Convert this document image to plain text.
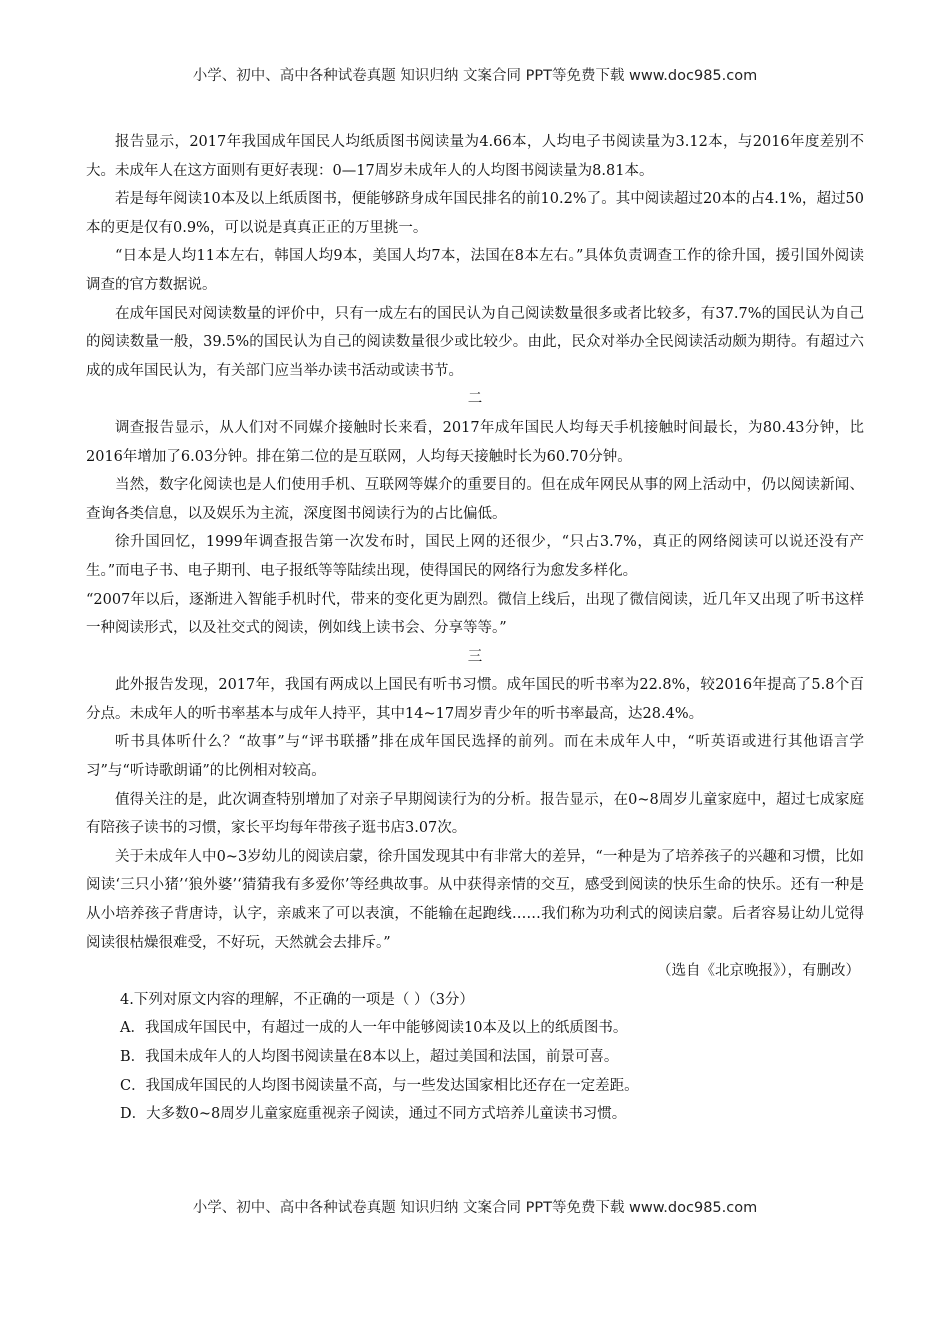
小学、初中、高中各种试卷真题 知识归纳 文案合同 PPT等免费下载 www.doc985.com

报告显示，2017年我国成年国民人均纸质图书阅读量为4.66本，人均电子书阅读量为3.12本，与2016年度差别不大。未成年人在这方面则有更好表现：0—17周岁未成年人的人均图书阅读量为8.81本。

若是每年阅读10本及以上纸质图书，便能够跻身成年国民排名的前10.2%了。其中阅读超过20本的占4.1%，超过50本的更是仅有0.9%，可以说是真真正正的万里挑一。

“日本是人均11本左右，韩国人均9本，美国人均7本，法国在8本左右。”具体负责调查工作的徐升国，援引国外阅读调查的官方数据说。

在成年国民对阅读数量的评价中，只有一成左右的国民认为自己阅读数量很多或者比较多，有37.7%的国民认为自己的阅读数量一般，39.5%的国民认为自己的阅读数量很少或比较少。由此，民众对举办全民阅读活动颇为期待。有超过六成的成年国民认为，有关部门应当举办读书活动或读书节。

二

调查报告显示，从人们对不同媒介接触时长来看，2017年成年国民人均每天手机接触时间最长，为80.43分钟，比2016年增加了6.03分钟。排在第二位的是互联网，人均每天接触时长为60.70分钟。

当然，数字化阅读也是人们使用手机、互联网等媒介的重要目的。但在成年网民从事的网上活动中，仍以阅读新闻、查询各类信息，以及娱乐为主流，深度图书阅读行为的占比偏低。

徐升国回忆，1999年调查报告第一次发布时，国民上网的还很少，“只占3.7%，真正的网络阅读可以说还没有产生。”而电子书、电子期刊、电子报纸等等陆续出现，使得国民的网络行为愈发多样化。

“2007年以后，逐渐进入智能手机时代，带来的变化更为剧烈。微信上线后，出现了微信阅读，近几年又出现了听书这样一种阅读形式，以及社交式的阅读，例如线上读书会、分享等等。”

三

此外报告发现，2017年，我国有两成以上国民有听书习惯。成年国民的听书率为22.8%，较2016年提高了5.8个百分点。未成年人的听书率基本与成年人持平，其中14~17周岁青少年的听书率最高，达28.4%。

听书具体听什么？“故事”与“评书联播”排在成年国民选择的前列。而在未成年人中，“听英语或进行其他语言学习”与“听诗歌朗诵”的比例相对较高。

值得关注的是，此次调查特别增加了对亲子早期阅读行为的分析。报告显示，在0~8周岁儿童家庭中，超过七成家庭有陪孩子读书的习惯，家长平均每年带孩子逛书店3.07次。

关于未成年人中0~3岁幼儿的阅读启蒙，徐升国发现其中有非常大的差异，“一种是为了培养孩子的兴趣和习惯，比如阅读‘三只小猪’‘狼外婆’‘猜猜我有多爱你’等经典故事。从中获得亲情的交互，感受到阅读的快乐生命的快乐。还有一种是从小培养孩子背唐诗，认字，亲戚来了可以表演，不能输在起跑线……我们称为功利式的阅读启蒙。后者容易让幼儿觉得阅读很枯燥很难受，不好玩，天然就会去排斥。”

（选自《北京晚报》），有删改）

4.下列对原文内容的理解，不正确的一项是（ ）（3分）

A．我国成年国民中，有超过一成的人一年中能够阅读10本及以上的纸质图书。

B．我国未成年人的人均图书阅读量在8本以上，超过美国和法国，前景可喜。

C．我国成年国民的人均图书阅读量不高，与一些发达国家相比还存在一定差距。

D．大多数0~8周岁儿童家庭重视亲子阅读，通过不同方式培养儿童读书习惯。

小学、初中、高中各种试卷真题 知识归纳 文案合同 PPT等免费下载 www.doc985.com
